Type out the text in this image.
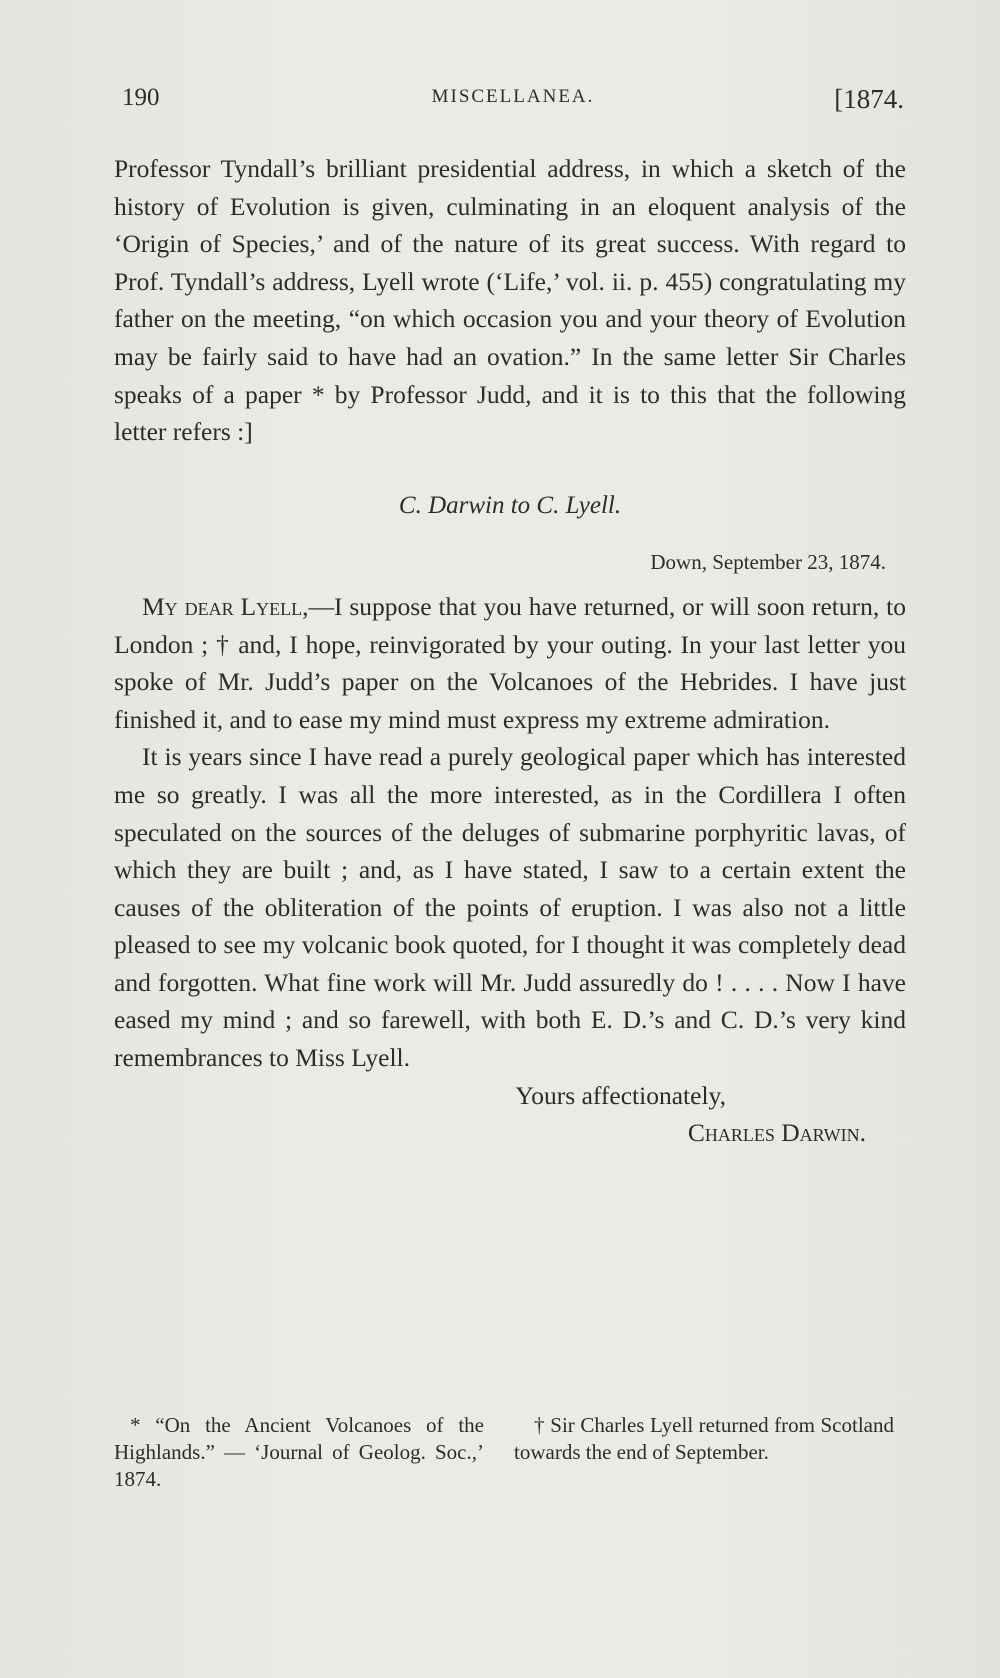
190	MISCELLANEA.	[1874.

Professor Tyndall’s brilliant presidential address, in which a sketch of the history of Evolution is given, culminating in an eloquent analysis of the ‘Origin of Species,’ and of the nature of its great success. With regard to Prof. Tyndall’s address, Lyell wrote (‘Life,’ vol. ii. p. 455) congratulating my father on the meeting, “on which occasion you and your theory of Evolution may be fairly said to have had an ovation.” In the same letter Sir Charles speaks of a paper * by Professor Judd, and it is to this that the following letter refers :]

C. Darwin to C. Lyell.

Down, September 23, 1874.

My dear Lyell,—I suppose that you have returned, or will soon return, to London ; † and, I hope, reinvigorated by your outing. In your last letter you spoke of Mr. Judd’s paper on the Volcanoes of the Hebrides. I have just finished it, and to ease my mind must express my extreme admiration.

It is years since I have read a purely geological paper which has interested me so greatly. I was all the more interested, as in the Cordillera I often speculated on the sources of the deluges of submarine porphyritic lavas, of which they are built ; and, as I have stated, I saw to a certain extent the causes of the obliteration of the points of eruption. I was also not a little pleased to see my volcanic book quoted, for I thought it was completely dead and forgotten. What fine work will Mr. Judd assuredly do ! . . . . Now I have eased my mind ; and so farewell, with both E. D.’s and C. D.’s very kind remembrances to Miss Lyell.

Yours affectionately,

Charles Darwin.

* “On the Ancient Volcanoes of the Highlands.” — ‘Journal of Geolog. Soc.,’ 1874.
† Sir Charles Lyell returned from Scotland towards the end of September.
